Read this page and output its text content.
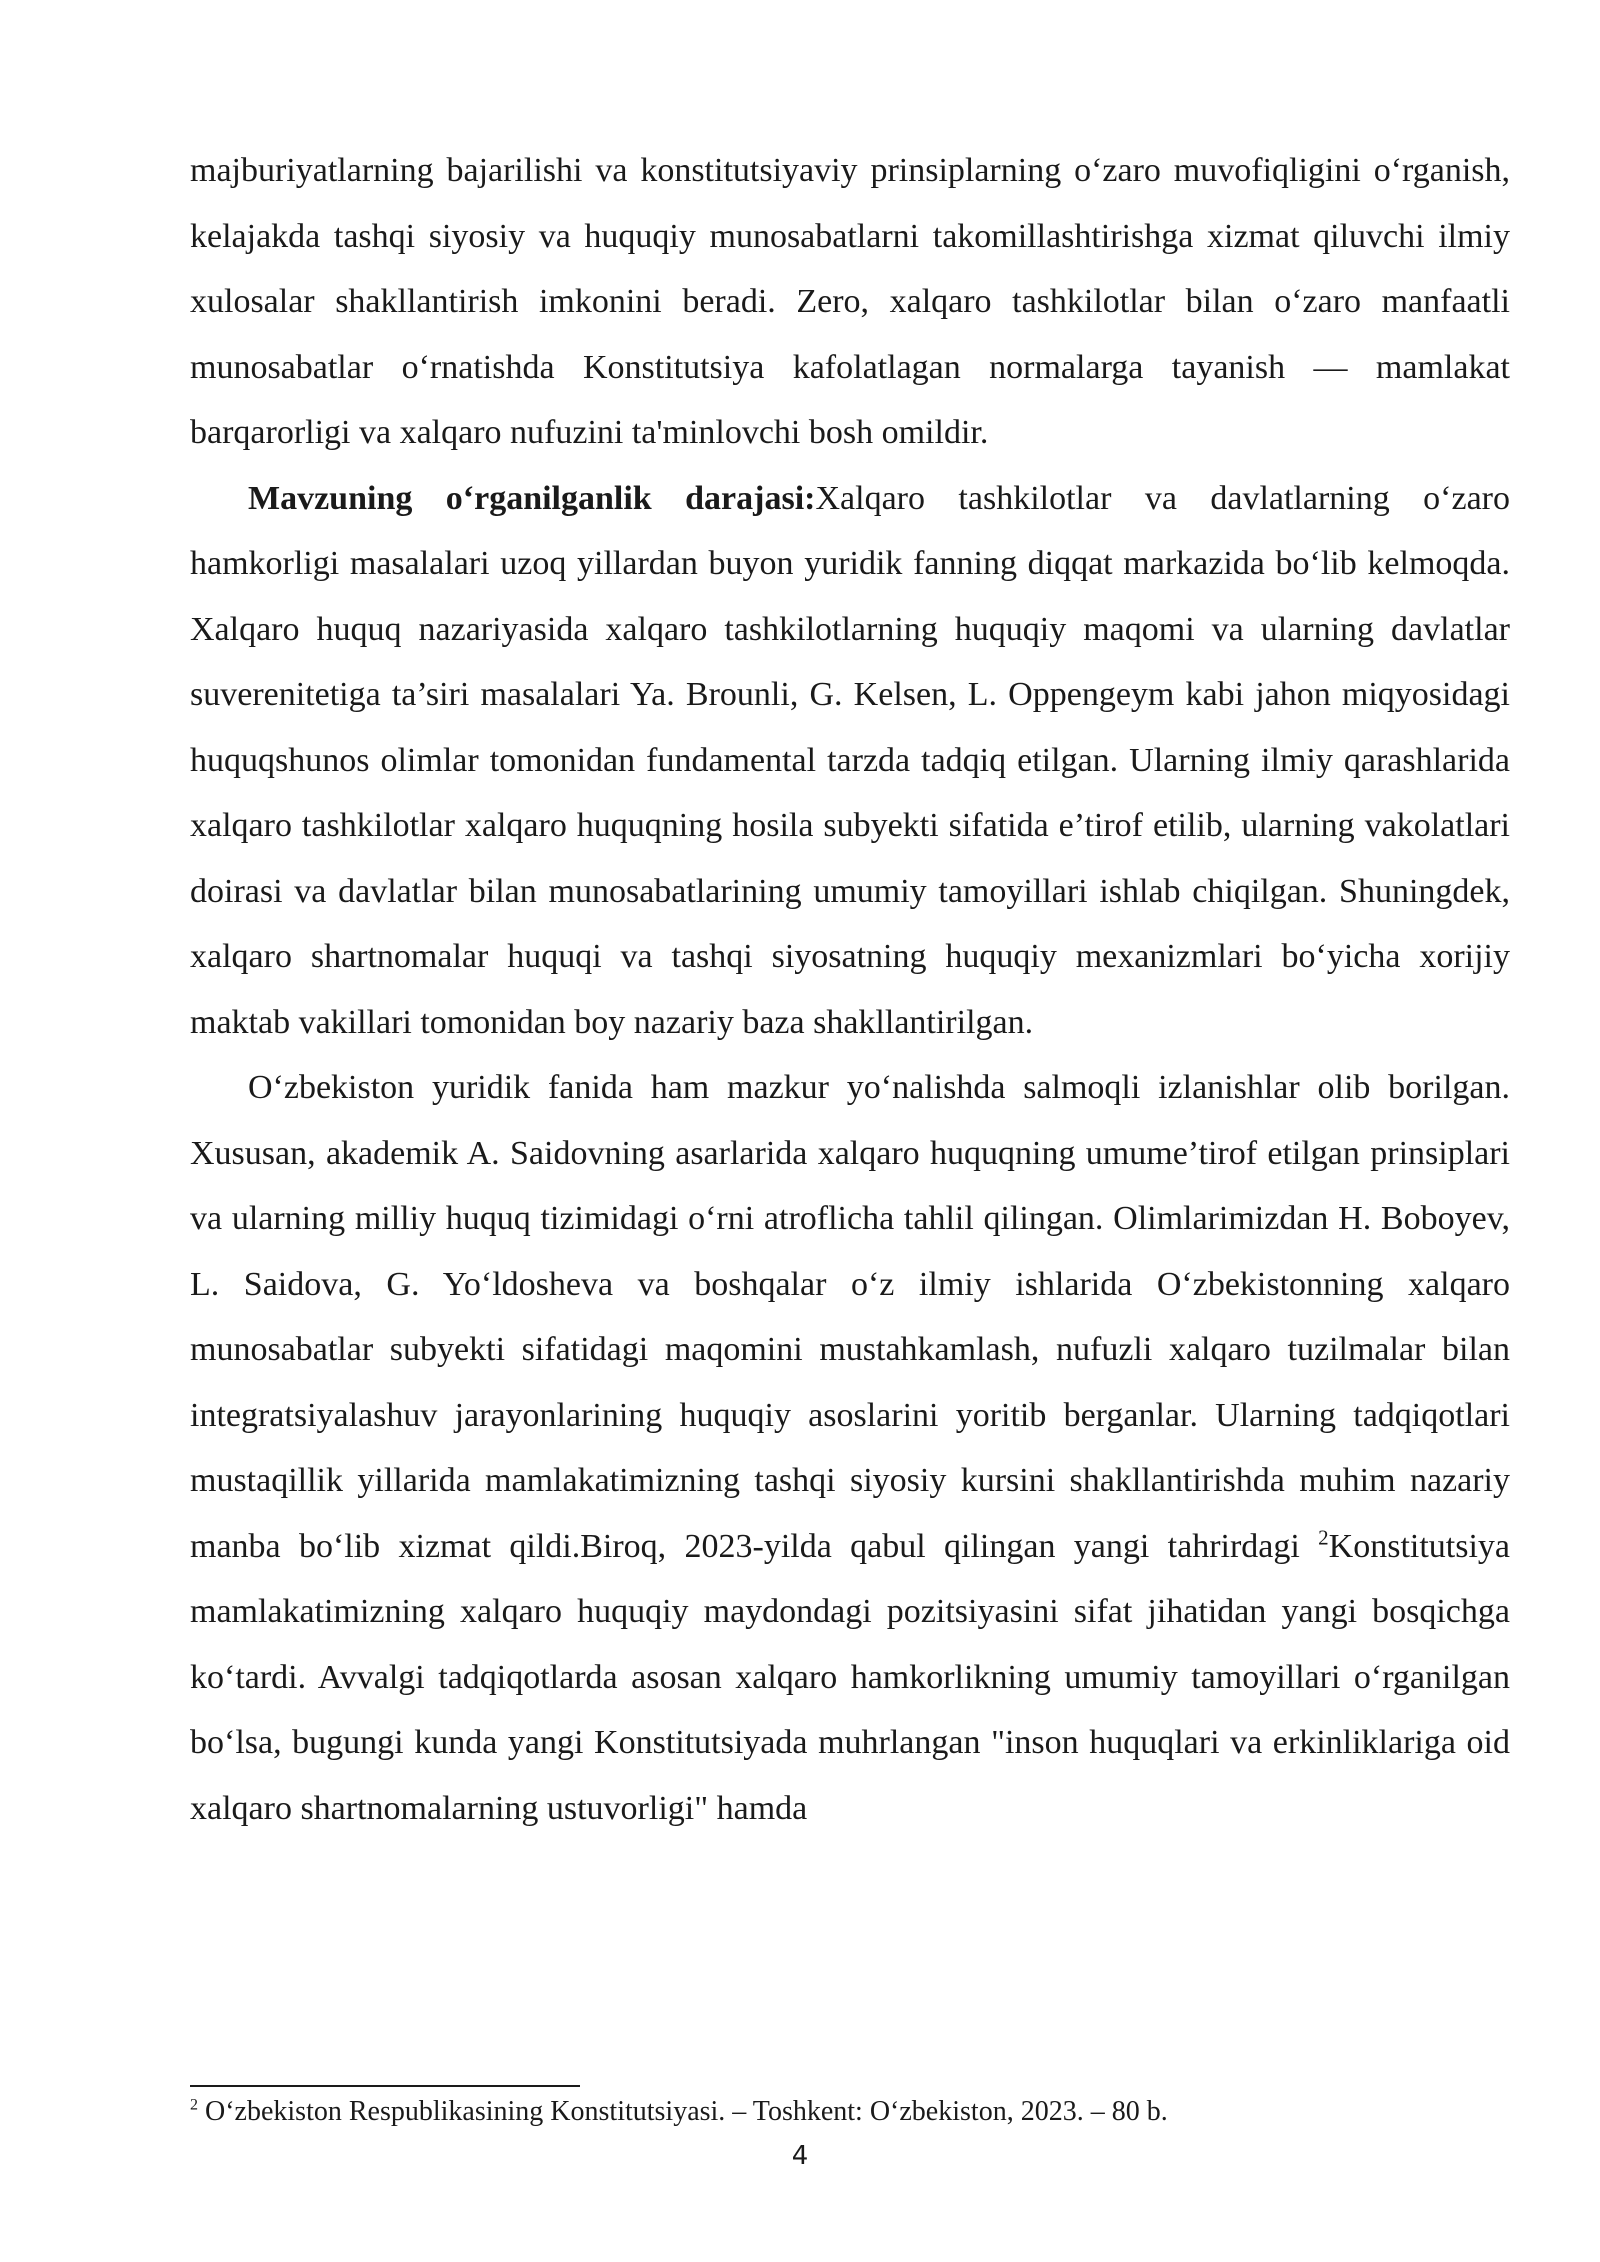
majburiyatlarning bajarilishi va konstitutsiyaviy prinsiplarning o‘zaro muvofiqligini o‘rganish, kelajakda tashqi siyosiy va huquqiy munosabatlarni takomillashtirishga xizmat qiluvchi ilmiy xulosalar shakllantirish imkonini beradi. Zero, xalqaro tashkilotlar bilan o‘zaro manfaatli munosabatlar o‘rnatishda Konstitutsiya kafolatlagan normalarga tayanish — mamlakat barqarorligi va xalqaro nufuzini ta'minlovchi bosh omildir.

Mavzuning o‘rganilganlik darajasi:Xalqaro tashkilotlar va davlatlarning o‘zaro hamkorligi masalalari uzoq yillardan buyon yuridik fanning diqqat markazida bo‘lib kelmoqda. Xalqaro huquq nazariyasida xalqaro tashkilotlarning huquqiy maqomi va ularning davlatlar suverenitetiga ta’siri masalalari Ya. Brounli, G. Kelsen, L. Oppengeym kabi jahon miqyosidagi huquqshunos olimlar tomonidan fundamental tarzda tadqiq etilgan. Ularning ilmiy qarashlarida xalqaro tashkilotlar xalqaro huquqning hosila subyekti sifatida e’tirof etilib, ularning vakolatlari doirasi va davlatlar bilan munosabatlarining umumiy tamoyillari ishlab chiqilgan. Shuningdek, xalqaro shartnomalar huquqi va tashqi siyosatning huquqiy mexanizmlari bo‘yicha xorijiy maktab vakillari tomonidan boy nazariy baza shakllantirilgan.

O‘zbekiston yuridik fanida ham mazkur yo‘nalishda salmoqli izlanishlar olib borilgan. Xususan, akademik A. Saidovning asarlarida xalqaro huquqning umume’tirof etilgan prinsiplari va ularning milliy huquq tizimidagi o‘rni atroflicha tahlil qilingan. Olimlarimizdan H. Boboyev, L. Saidova, G. Yo‘ldosheva va boshqalar o‘z ilmiy ishlarida O‘zbekistonning xalqaro munosabatlar subyekti sifatidagi maqomini mustahkamlash, nufuzli xalqaro tuzilmalar bilan integratsiyalashuv jarayonlarining huquqiy asoslarini yoritib berganlar. Ularning tadqiqotlari mustaqillik yillarida mamlakatimizning tashqi siyosiy kursini shakllantirishda muhim nazariy manba bo‘lib xizmat qildi.Biroq, 2023-yilda qabul qilingan yangi tahrirdagi $^2$Konstitutsiya mamlakatimizning xalqaro huquqiy maydondagi pozitsiyasini sifat jihatidan yangi bosqichga ko‘tardi. Avvalgi tadqiqotlarda asosan xalqaro hamkorlikning umumiy tamoyillari o‘rganilgan bo‘lsa, bugungi kunda yangi Konstitutsiyada muhrlangan "inson huquqlari va erkinliklariga oid xalqaro shartnomalarning ustuvorligi" hamda

$^2$ O‘zbekiston Respublikasining Konstitutsiyasi. – Toshkent: O‘zbekiston, 2023. – 80 b.

4
